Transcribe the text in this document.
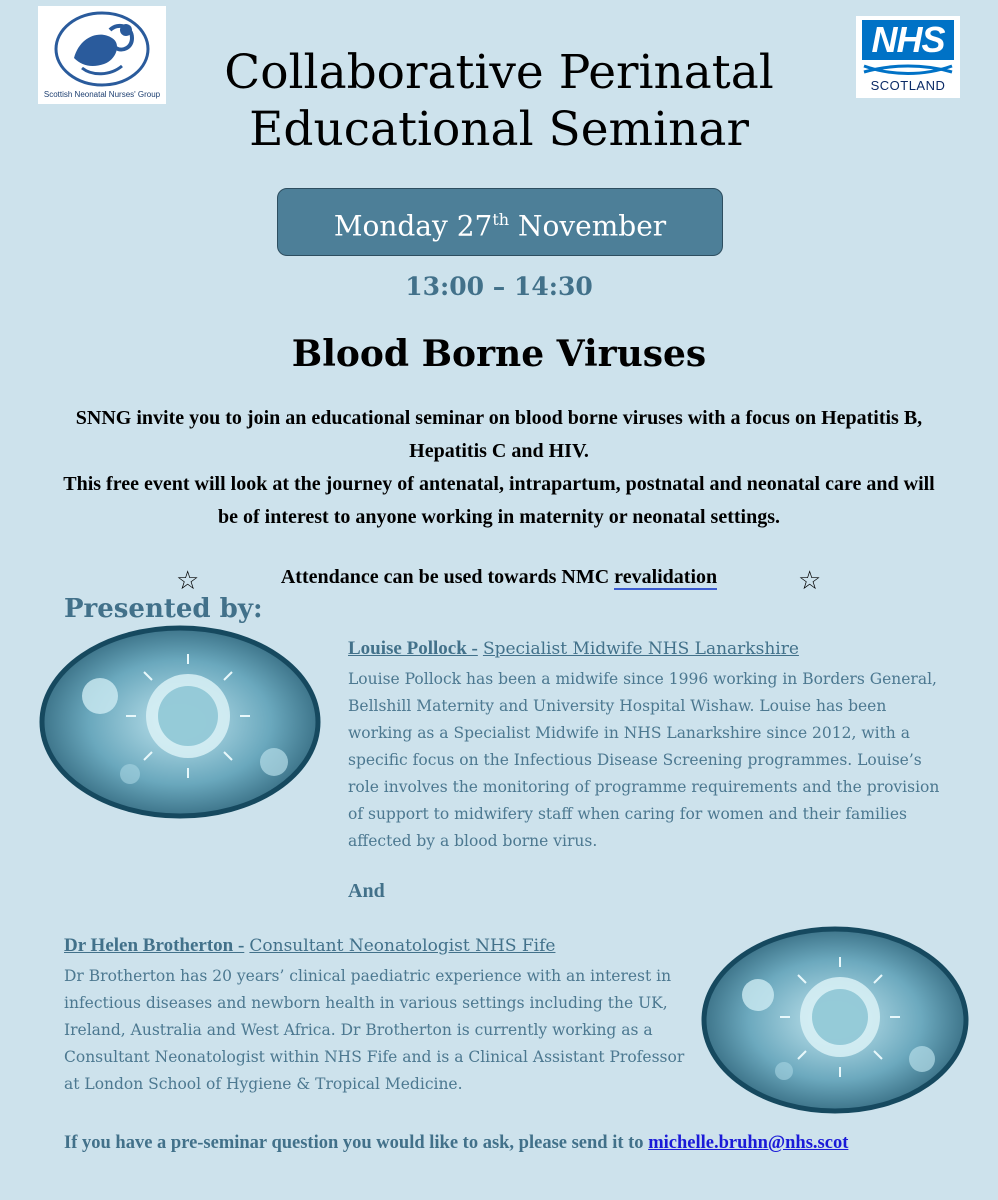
Scottish Neonatal Nurses' Group
NHS
SCOTLAND
Collaborative Perinatal
Educational Seminar
Monday 27th November
13:00 – 14:30
Blood Borne Viruses

SNNG invite you to join an educational seminar on blood borne viruses with a focus on Hepatitis B, Hepatitis C and HIV.

This free event will look at the journey of antenatal, intrapartum, postnatal and neonatal care and will be of interest to anyone working in maternity or neonatal settings.

☆	Attendance can be used towards NMC revalidation	☆
Presented by:
Louise Pollock - Specialist Midwife NHS Lanarkshire
Louise Pollock has been a midwife since 1996 working in Borders General, Bellshill Maternity and University Hospital Wishaw. Louise has been working as a Specialist Midwife in NHS Lanarkshire since 2012, with a specific focus on the Infectious Disease Screening programmes. Louise’s role involves the monitoring of programme requirements and the provision of support to midwifery staff when caring for women and their families affected by a blood borne virus.
And
Dr Helen Brotherton - Consultant Neonatologist NHS Fife
Dr Brotherton has 20 years’ clinical paediatric experience with an interest in infectious diseases and newborn health in various settings including the UK, Ireland, Australia and West Africa. Dr Brotherton is currently working as a Consultant Neonatologist within NHS Fife and is a Clinical Assistant Professor at London School of Hygiene & Tropical Medicine.
If you have a pre-seminar question you would like to ask, please send it to michelle.bruhn@nhs.scot
